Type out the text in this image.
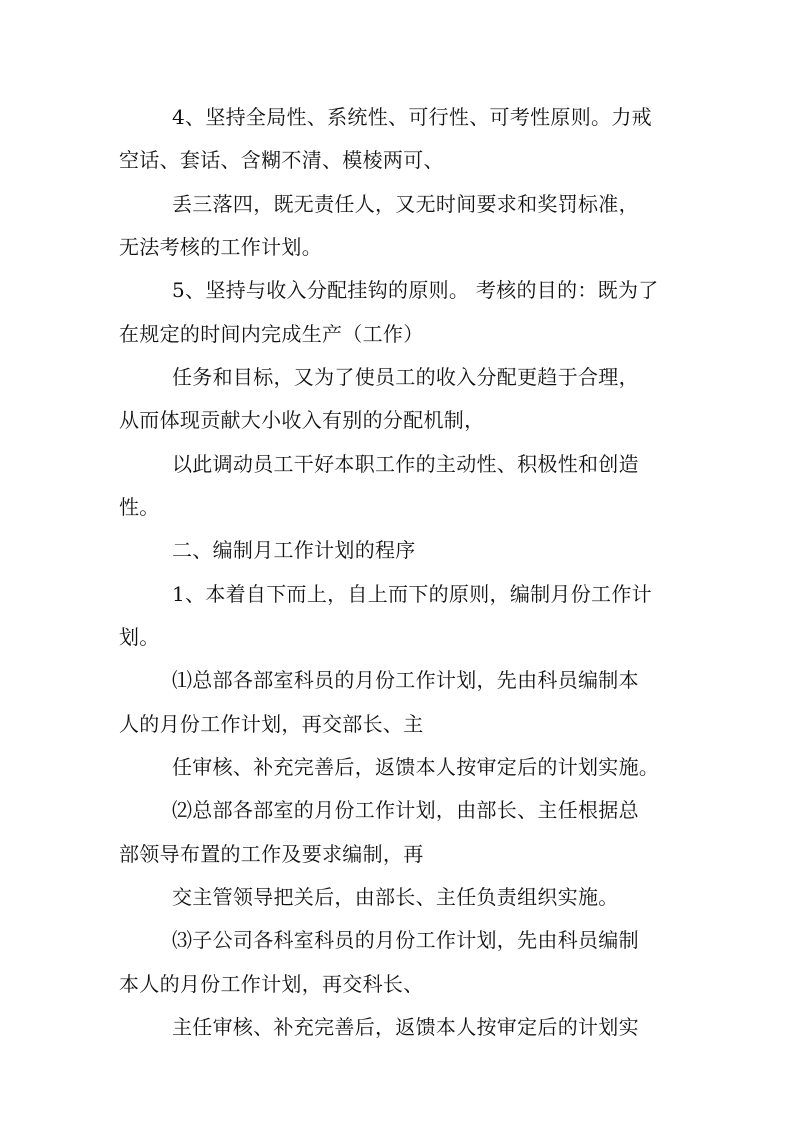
4、坚持全局性、系统性、可行性、可考性原则。力戒
空话、套话、含糊不清、模棱两可、
丢三落四，既无责任人，又无时间要求和奖罚标准，
无法考核的工作计划。
5、坚持与收入分配挂钩的原则。 考核的目的：既为了
在规定的时间内完成生产（工作）
任务和目标，又为了使员工的收入分配更趋于合理，
从而体现贡献大小收入有别的分配机制，
以此调动员工干好本职工作的主动性、积极性和创造
性。
二、编制月工作计划的程序
1、本着自下而上，自上而下的原则，编制月份工作计
划。
⑴总部各部室科员的月份工作计划，先由科员编制本
人的月份工作计划，再交部长、主
任审核、补充完善后，返馈本人按审定后的计划实施。
⑵总部各部室的月份工作计划，由部长、主任根据总
部领导布置的工作及要求编制，再
交主管领导把关后，由部长、主任负责组织实施。
⑶子公司各科室科员的月份工作计划，先由科员编制
本人的月份工作计划，再交科长、
主任审核、补充完善后，返馈本人按审定后的计划实
